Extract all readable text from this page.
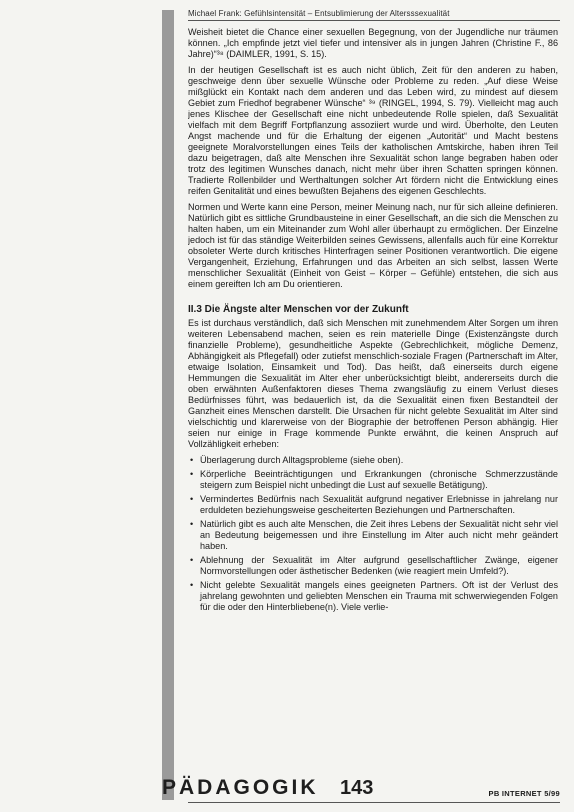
Michael Frank: Gefühlsintensität – Entsublimierung der Altersssexualität

Weisheit bietet die Chance einer sexuellen Begegnung, von der Jugendliche nur träumen können. „Ich empfinde jetzt viel tiefer und intensiver als in jungen Jahren (Christine F., 86 Jahre)“³⁸ (DAIMLER, 1991, S. 15).

In der heutigen Gesellschaft ist es auch nicht üblich, Zeit für den anderen zu haben, geschweige denn über sexuelle Wünsche oder Probleme zu reden. „Auf diese Weise mißglückt ein Kontakt nach dem anderen und das Leben wird, zu mindest auf diesem Gebiet zum Friedhof begrabener Wünsche“ ³⁹ (RINGEL, 1994, S. 79). Vielleicht mag auch jenes Klischee der Gesellschaft eine nicht unbedeutende Rolle spielen, daß Sexualität vielfach mit dem Begriff Fortpflanzung assoziiert wurde und wird. Überholte, den Leuten Angst machende und für die Erhaltung der eigenen „Autorität“ und Macht bestens geeignete Moralvorstellungen eines Teils der katholischen Amtskirche, haben ihren Teil dazu beigetragen, daß alte Menschen ihre Sexualität schon lange begraben haben oder trotz des legitimen Wunsches danach, nicht mehr über ihren Schatten springen können. Tradierte Rollenbilder und Werthaltungen solcher Art fördern nicht die Entwicklung eines reifen Genitalität und eines bewußten Bejahens des eigenen Geschlechts.

Normen und Werte kann eine Person, meiner Meinung nach, nur für sich alleine definieren. Natürlich gibt es sittliche Grundbausteine in einer Gesellschaft, an die sich die Menschen zu halten haben, um ein Miteinander zum Wohl aller überhaupt zu ermöglichen. Der Einzelne jedoch ist für das ständige Weiterbilden seines Gewissens, allenfalls auch für eine Korrektur obsoleter Werte durch kritisches Hinterfragen seiner Positionen verantwortlich. Die eigene Vergangenheit, Erziehung, Erfahrungen und das Arbeiten an sich selbst, lassen Werte menschlicher Sexualität (Einheit von Geist – Körper – Gefühle) entstehen, die sich aus einem gereiften Ich am Du orientieren.

II.3 Die Ängste alter Menschen vor der Zukunft

Es ist durchaus verständlich, daß sich Menschen mit zunehmendem Alter Sorgen um ihren weiteren Lebensabend machen, seien es rein materielle Dinge (Existenzängste durch finanzielle Probleme), gesundheitliche Aspekte (Gebrechlichkeit, mögliche Demenz, Abhängigkeit als Pflegefall) oder zutiefst menschlich-soziale Fragen (Partnerschaft im Alter, etwaige Isolation, Einsamkeit und Tod). Das heißt, daß einerseits durch eigene Hemmungen die Sexualität im Alter eher unberücksichtigt bleibt, andererseits durch die oben erwähnten Außenfaktoren dieses Thema zwangsläufig zu einem Verlust dieses Bedürfnisses führt, was bedauerlich ist, da die Sexualität einen fixen Bestandteil der Ganzheit eines Menschen darstellt. Die Ursachen für nicht gelebte Sexualität im Alter sind vielschichtig und klarerweise von der Biographie der betroffenen Person abhängig. Hier seien nur einige in Frage kommende Punkte erwähnt, die keinen Anspruch auf Vollzähligkeit erheben:

• Überlagerung durch Alltagsprobleme (siehe oben).
• Körperliche Beeinträchtigungen und Erkrankungen (chronische Schmerzzustände steigern zum Beispiel nicht unbedingt die Lust auf sexuelle Betätigung).
• Vermindertes Bedürfnis nach Sexualität aufgrund negativer Erlebnisse in jahrelang nur erduldeten beziehungsweise gescheiterten Beziehungen und Partnerschaften.
• Natürlich gibt es auch alte Menschen, die Zeit ihres Lebens der Sexualität nicht sehr viel an Bedeutung beigemessen und ihre Einstellung im Alter auch nicht mehr geändert haben.
• Ablehnung der Sexualität im Alter aufgrund gesellschaftlicher Zwänge, eigener Normvorstellungen oder ästhetischer Bedenken (wie reagiert mein Umfeld?).
• Nicht gelebte Sexualität mangels eines geeigneten Partners. Oft ist der Verlust des jahrelang gewohnten und geliebten Menschen ein Trauma mit schwerwiegenden Folgen für die oder den Hinterbliebene(n). Viele verlie-
PÄDAGOGIK 143	PB INTERNET 5/99
